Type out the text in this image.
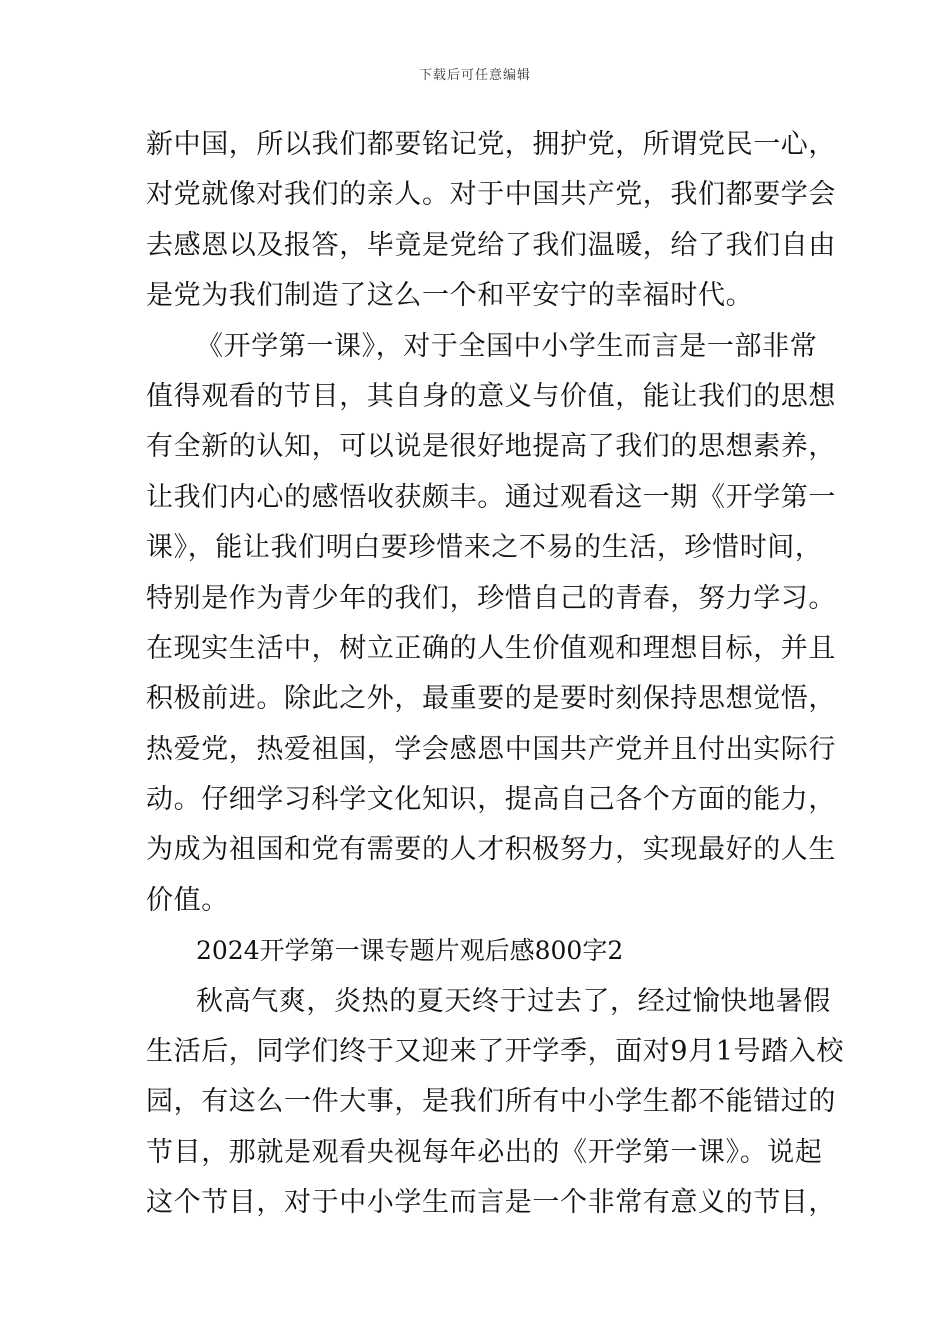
下载后可任意编辑
新中国，所以我们都要铭记党，拥护党，所谓党民一心，
对党就像对我们的亲人。对于中国共产党，我们都要学会
去感恩以及报答，毕竟是党给了我们温暖，给了我们自由
是党为我们制造了这么一个和平安宁的幸福时代。
《开学第一课》，对于全国中小学生而言是一部非常
值得观看的节目，其自身的意义与价值，能让我们的思想
有全新的认知，可以说是很好地提高了我们的思想素养，
让我们内心的感悟收获颇丰。通过观看这一期《开学第一
课》，能让我们明白要珍惜来之不易的生活，珍惜时间，
特别是作为青少年的我们，珍惜自己的青春，努力学习。
在现实生活中，树立正确的人生价值观和理想目标，并且
积极前进。除此之外，最重要的是要时刻保持思想觉悟，
热爱党，热爱祖国，学会感恩中国共产党并且付出实际行
动。仔细学习科学文化知识，提高自己各个方面的能力，
为成为祖国和党有需要的人才积极努力，实现最好的人生
价值。
2024开学第一课专题片观后感800字2
秋高气爽，炎热的夏天终于过去了，经过愉快地暑假
生活后，同学们终于又迎来了开学季，面对9月1号踏入校
园，有这么一件大事，是我们所有中小学生都不能错过的
节目，那就是观看央视每年必出的《开学第一课》。说起
这个节目，对于中小学生而言是一个非常有意义的节目，
